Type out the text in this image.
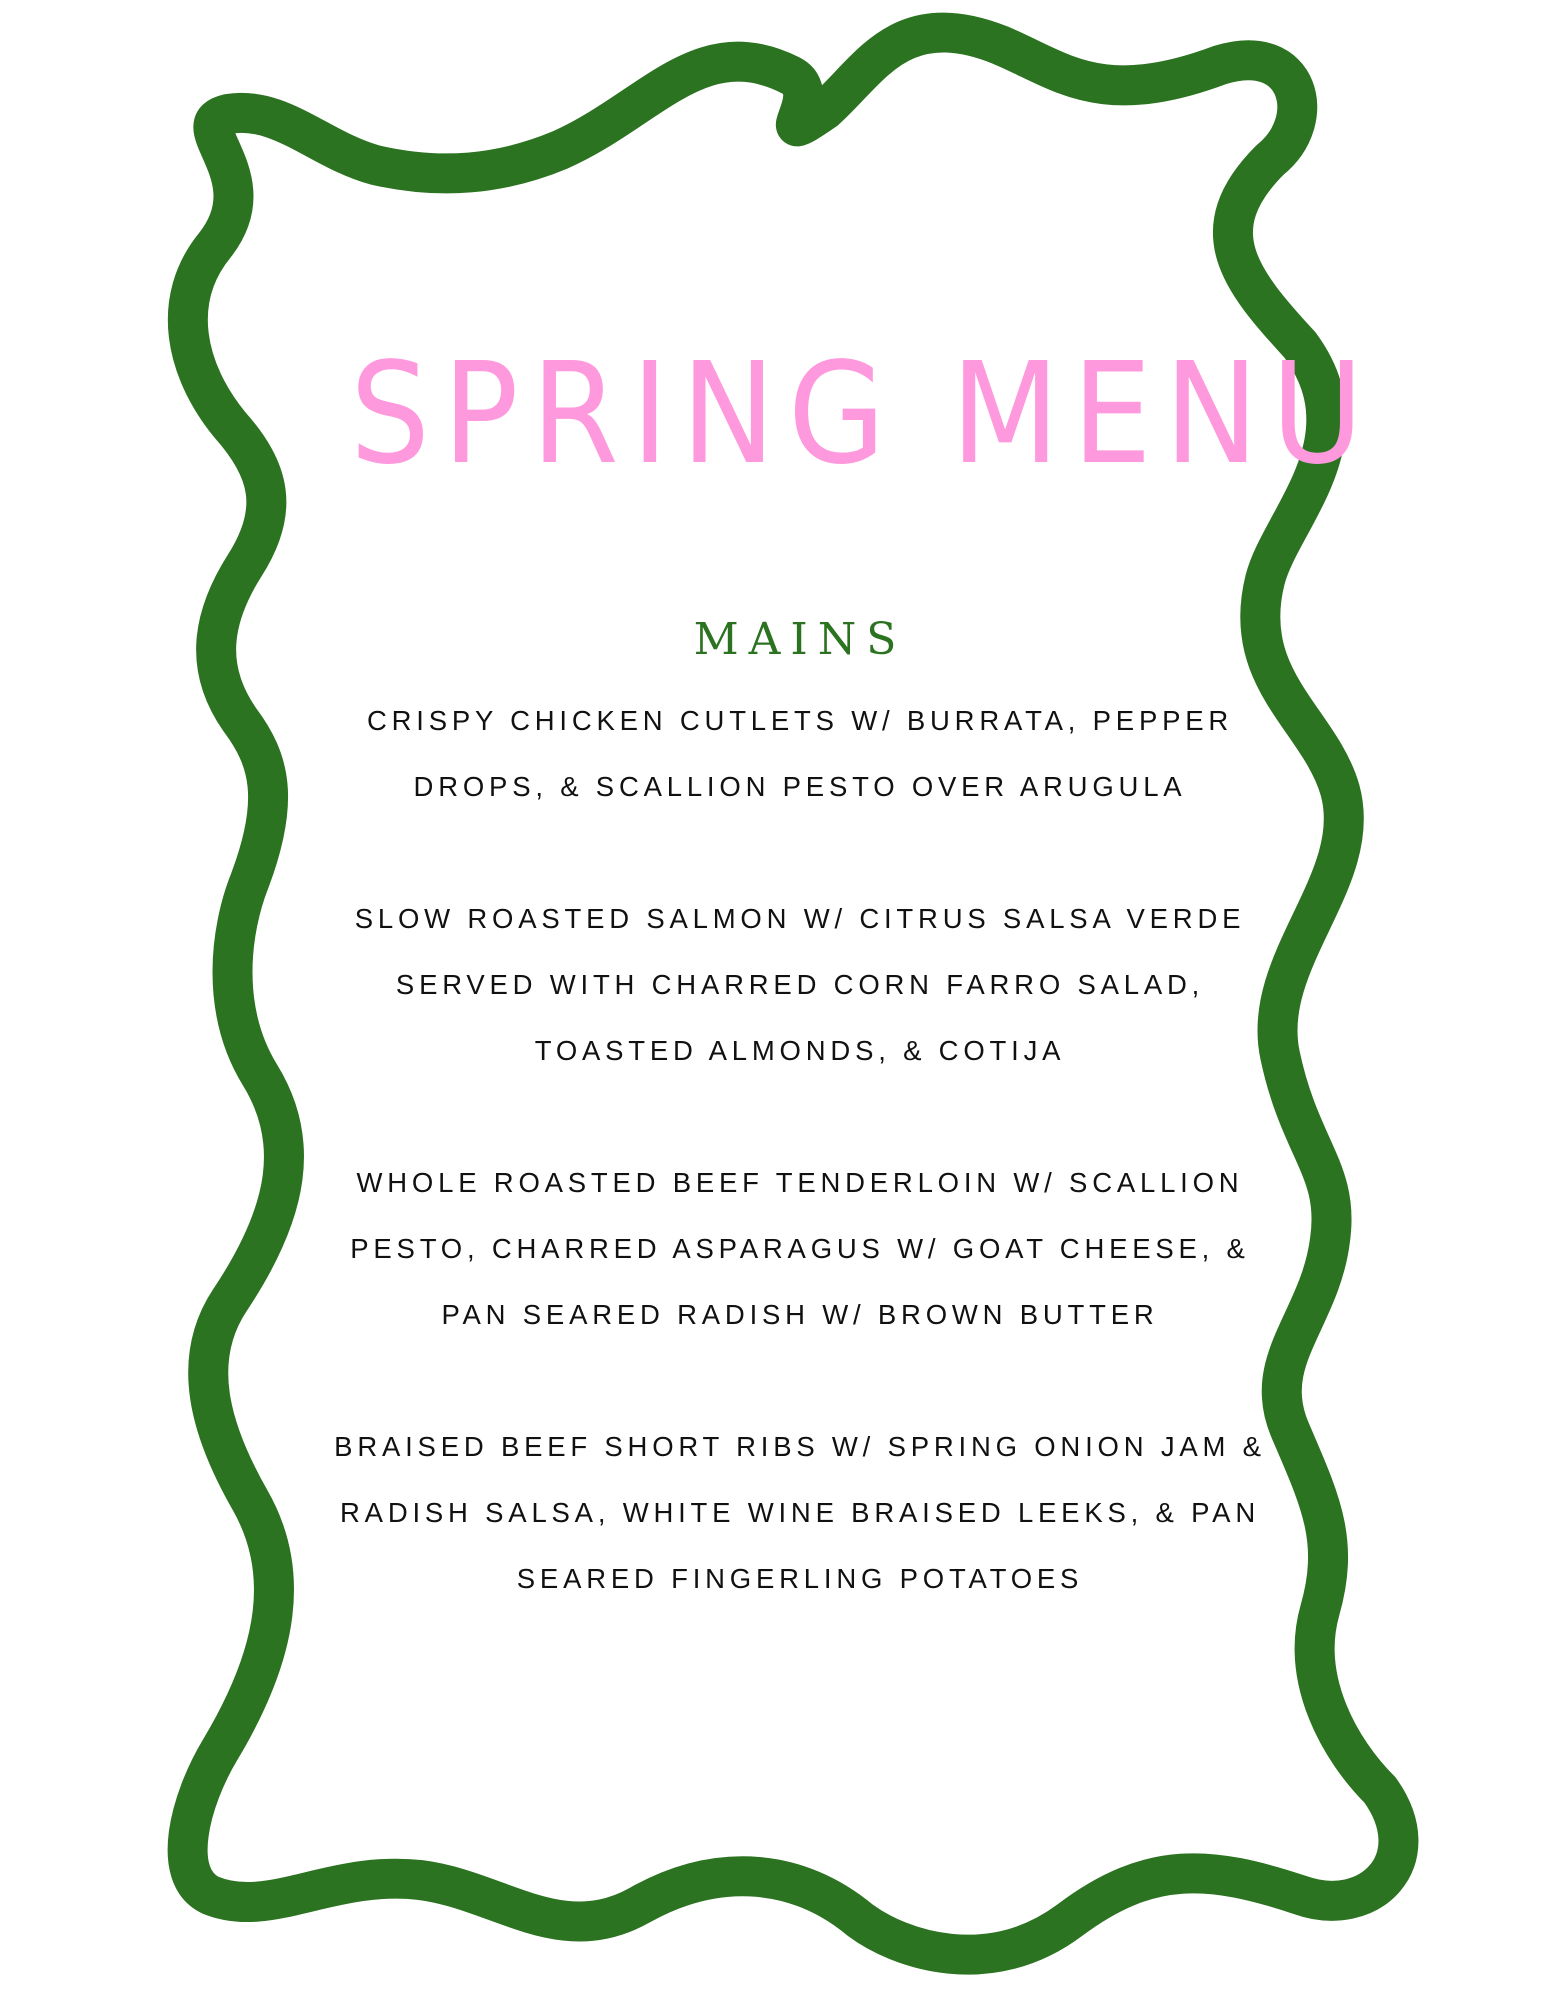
SPRING MENU
MAINS
CRISPY CHICKEN CUTLETS W/ BURRATA, PEPPER
DROPS, & SCALLION PESTO OVER ARUGULA
SLOW ROASTED SALMON W/ CITRUS SALSA VERDE
SERVED WITH CHARRED CORN FARRO SALAD,
TOASTED ALMONDS, & COTIJA
WHOLE ROASTED BEEF TENDERLOIN W/ SCALLION
PESTO, CHARRED ASPARAGUS W/ GOAT CHEESE, &
PAN SEARED RADISH W/ BROWN BUTTER
BRAISED BEEF SHORT RIBS W/ SPRING ONION JAM &
RADISH SALSA, WHITE WINE BRAISED LEEKS, & PAN
SEARED FINGERLING POTATOES
